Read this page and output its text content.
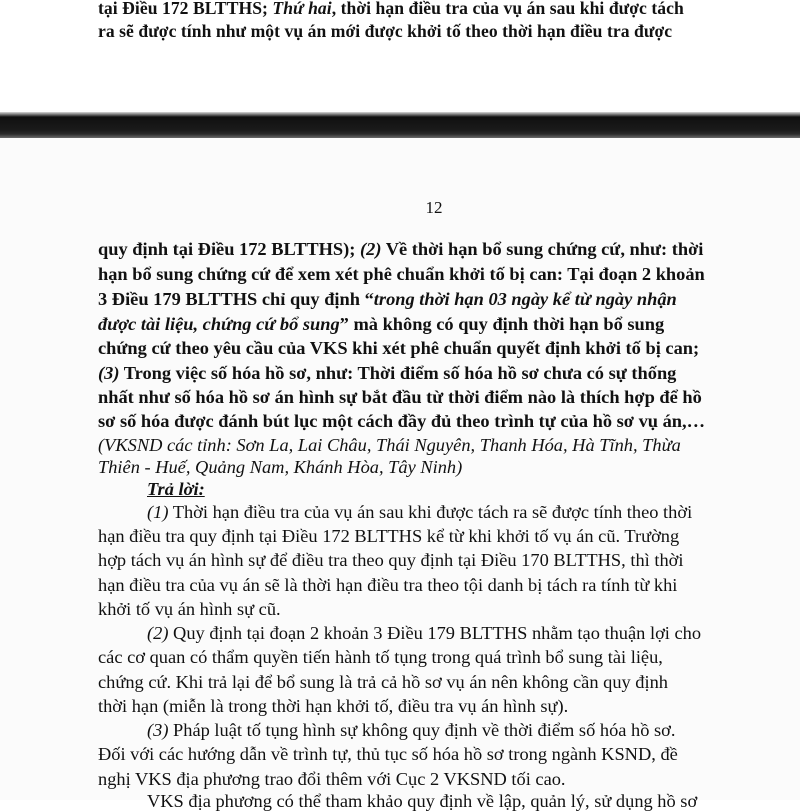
tại Điều 172 BLTTHS; Thứ hai, thời hạn điều tra của vụ án sau khi được tách
ra sẽ được tính như một vụ án mới được khởi tố theo thời hạn điều tra được
12
quy định tại Điều 172 BLTTHS); (2) Về thời hạn bổ sung chứng cứ, như: thời
hạn bổ sung chứng cứ để xem xét phê chuẩn khởi tố bị can: Tại đoạn 2 khoản
3 Điều 179 BLTTHS chỉ quy định “trong thời hạn 03 ngày kể từ ngày nhận
được tài liệu, chứng cứ bổ sung” mà không có quy định thời hạn bổ sung
chứng cứ theo yêu cầu của VKS khi xét phê chuẩn quyết định khởi tố bị can;
(3) Trong việc số hóa hồ sơ, như: Thời điểm số hóa hồ sơ chưa có sự thống
nhất như số hóa hồ sơ án hình sự bắt đầu từ thời điểm nào là thích hợp để hồ
sơ số hóa được đánh bút lục một cách đầy đủ theo trình tự của hồ sơ vụ án,…
(VKSND các tỉnh: Sơn La, Lai Châu, Thái Nguyên, Thanh Hóa, Hà Tĩnh, Thừa
Thiên - Huế, Quảng Nam, Khánh Hòa, Tây Ninh)
Trả lời:
(1) Thời hạn điều tra của vụ án sau khi được tách ra sẽ được tính theo thời
hạn điều tra quy định tại Điều 172 BLTTHS kể từ khi khởi tố vụ án cũ. Trường
hợp tách vụ án hình sự để điều tra theo quy định tại Điều 170 BLTTHS, thì thời
hạn điều tra của vụ án sẽ là thời hạn điều tra theo tội danh bị tách ra tính từ khi
khởi tố vụ án hình sự cũ.
(2) Quy định tại đoạn 2 khoản 3 Điều 179 BLTTHS nhằm tạo thuận lợi cho
các cơ quan có thẩm quyền tiến hành tố tụng trong quá trình bổ sung tài liệu,
chứng cứ. Khi trả lại để bổ sung là trả cả hồ sơ vụ án nên không cần quy định
thời hạn (miễn là trong thời hạn khởi tố, điều tra vụ án hình sự).
(3) Pháp luật tố tụng hình sự không quy định về thời điểm số hóa hồ sơ.
Đối với các hướng dẫn về trình tự, thủ tục số hóa hồ sơ trong ngành KSND, đề
nghị VKS địa phương trao đổi thêm với Cục 2 VKSND tối cao.
VKS địa phương có thể tham khảo quy định về lập, quản lý, sử dụng hồ sơ
